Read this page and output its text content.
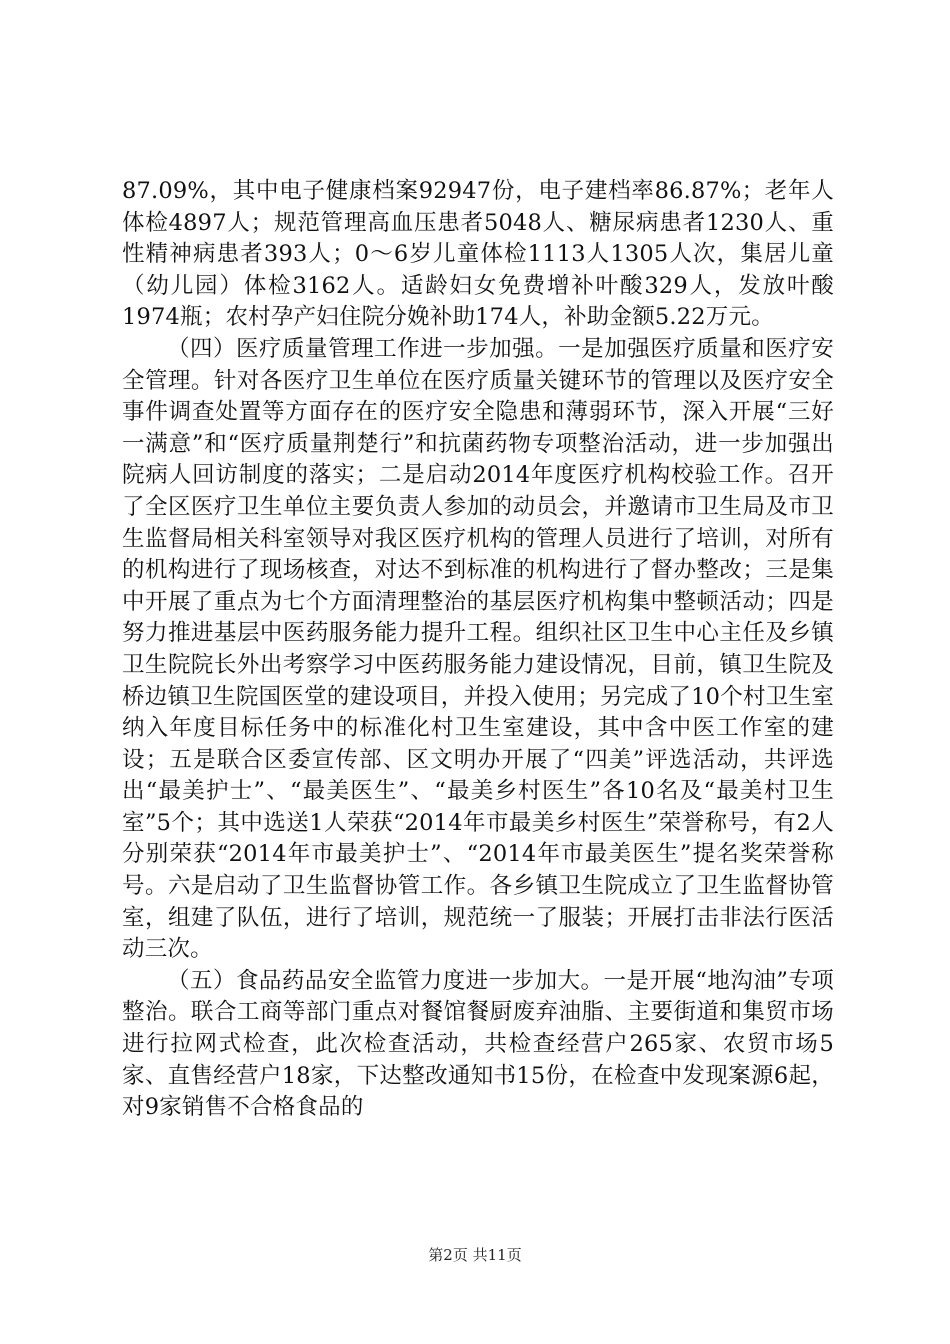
87.09%，其中电子健康档案92947份，电子建档率86.87%；老年人体检4897人；规范管理高血压患者5048人、糖尿病患者1230人、重性精神病患者393人；0～6岁儿童体检1113人1305人次，集居儿童（幼儿园）体检3162人。适龄妇女免费增补叶酸329人，发放叶酸1974瓶；农村孕产妇住院分娩补助174人，补助金额5.22万元。

（四）医疗质量管理工作进一步加强。一是加强医疗质量和医疗安全管理。针对各医疗卫生单位在医疗质量关键环节的管理以及医疗安全事件调查处置等方面存在的医疗安全隐患和薄弱环节，深入开展“三好一满意”和“医疗质量荆楚行”和抗菌药物专项整治活动，进一步加强出院病人回访制度的落实；二是启动2014年度医疗机构校验工作。召开了全区医疗卫生单位主要负责人参加的动员会，并邀请市卫生局及市卫生监督局相关科室领导对我区医疗机构的管理人员进行了培训，对所有的机构进行了现场核查，对达不到标准的机构进行了督办整改；三是集中开展了重点为七个方面清理整治的基层医疗机构集中整顿活动；四是努力推进基层中医药服务能力提升工程。组织社区卫生中心主任及乡镇卫生院院长外出考察学习中医药服务能力建设情况，目前，镇卫生院及桥边镇卫生院国医堂的建设项目，并投入使用；另完成了10个村卫生室纳入年度目标任务中的标准化村卫生室建设，其中含中医工作室的建设；五是联合区委宣传部、区文明办开展了“四美”评选活动，共评选出“最美护士”、“最美医生”、“最美乡村医生”各10名及“最美村卫生室”5个；其中选送1人荣获“2014年市最美乡村医生”荣誉称号，有2人分别荣获“2014年市最美护士”、“2014年市最美医生”提名奖荣誉称号。六是启动了卫生监督协管工作。各乡镇卫生院成立了卫生监督协管室，组建了队伍，进行了培训，规范统一了服装；开展打击非法行医活动三次。

（五）食品药品安全监管力度进一步加大。一是开展“地沟油”专项整治。联合工商等部门重点对餐馆餐厨废弃油脂、主要街道和集贸市场进行拉网式检查，此次检查活动，共检查经营户265家、农贸市场5家、直售经营户18家，下达整改通知书15份，在检查中发现案源6起，对9家销售不合格食品的

第2页 共11页
